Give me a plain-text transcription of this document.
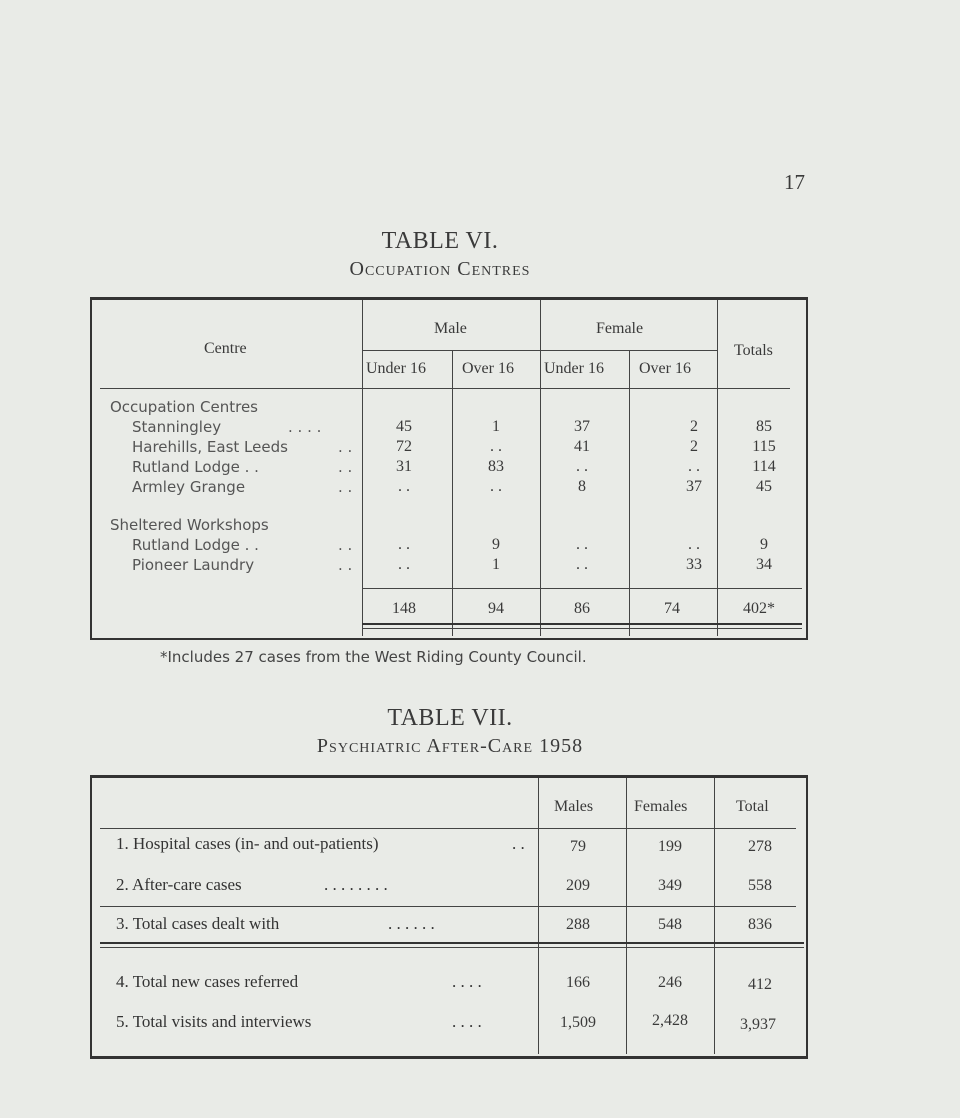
17
TABLE VI.
Occupation Centres
Centre
Male	Female
Totals
Under 16 Over 16 Under 16 Over 16
Occupation Centres
Sheltered Workshops
Stanningley	. . . .	45	1	37	2	85
Harehills, East Leeds	. .	72	. .	41	2	115
Rutland Lodge . .	. .	31	83	. .	. .	114
Armley Grange	. .	. .	. .	8	37	45
Rutland Lodge . .	. .	. .	9	. .	. .	9
Pioneer Laundry	. .	. .	1	. .	33	34
148	94	86	74	402*
*Includes 27 cases from the West Riding County Council.
TABLE VII.
Psychiatric After-Care 1958
Males	Females	Total
1. Hospital cases (in- and out-patients)	. .	79	199	278
2. After-care cases	. . . . . . . .	209	349	558
3. Total cases dealt with	. . . . . .	288	548	836
4. Total new cases referred	. . . .	166	246	412
5. Total visits and interviews	. . . .	1,509	2,428	3,937
